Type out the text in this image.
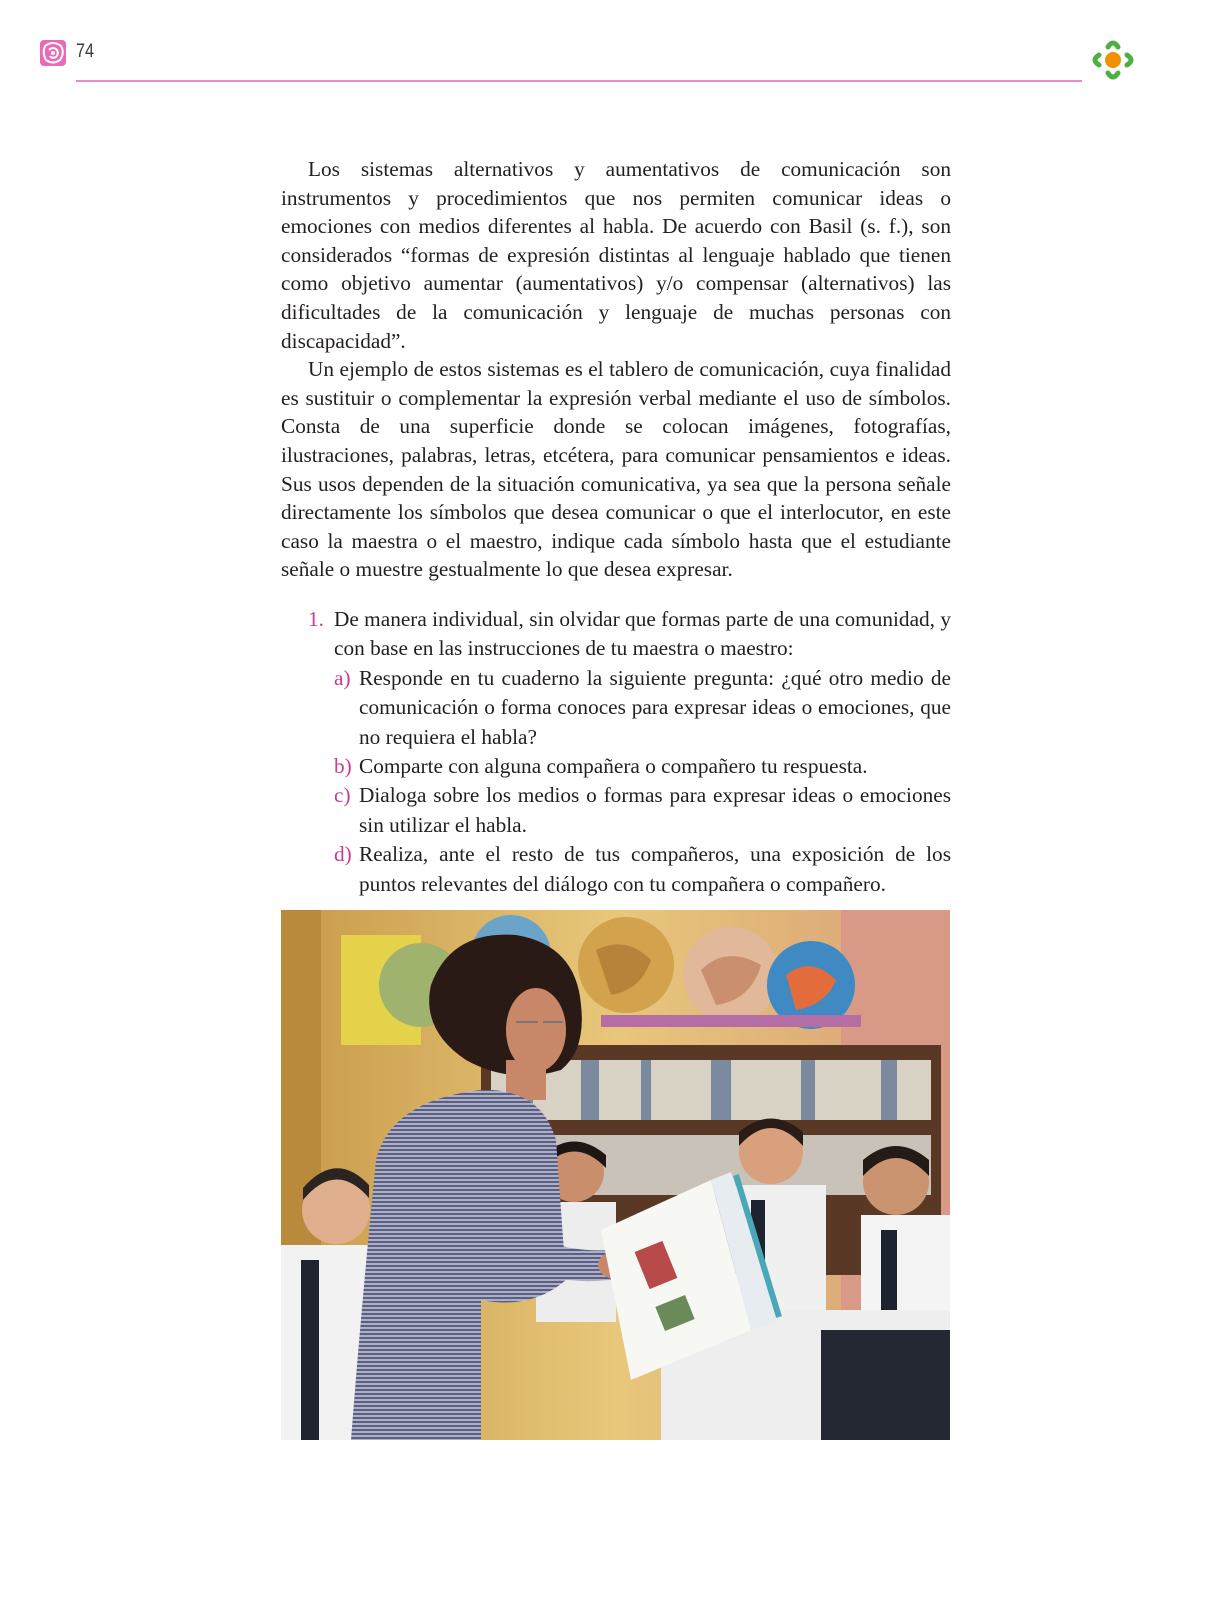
74

Los sistemas alternativos y aumentativos de comunicación son instrumentos y procedimientos que nos permiten comunicar ideas o emociones con medios diferentes al habla. De acuerdo con Basil (s. f.), son considerados “formas de expresión distintas al lenguaje hablado que tienen como objetivo aumentar (aumentativos) y/o compensar (alternativos) las dificultades de la comunicación y lenguaje de muchas personas con discapacidad”.

Un ejemplo de estos sistemas es el tablero de comunicación, cuya finalidad es sustituir o complementar la expresión verbal mediante el uso de símbolos. Consta de una superficie donde se colocan imágenes, fotografías, ilustraciones, palabras, letras, etcétera, para comunicar pensamientos e ideas. Sus usos dependen de la situación comunicativa, ya sea que la persona señale directamente los símbolos que desea comunicar o que el interlocutor, en este caso la maestra o el maestro, indique cada símbolo hasta que el estudiante señale o muestre gestualmente lo que desea expresar.

1. De manera individual, sin olvidar que formas parte de una comunidad, y con base en las instrucciones de tu maestra o maestro:
a) Responde en tu cuaderno la siguiente pregunta: ¿qué otro medio de comunicación o forma conoces para expresar ideas o emociones, que no requiera el habla?
b) Comparte con alguna compañera o compañero tu respuesta.
c) Dialoga sobre los medios o formas para expresar ideas o emociones sin utilizar el habla.
d) Realiza, ante el resto de tus compañeros, una exposición de los puntos relevantes del diálogo con tu compañera o compañero.
